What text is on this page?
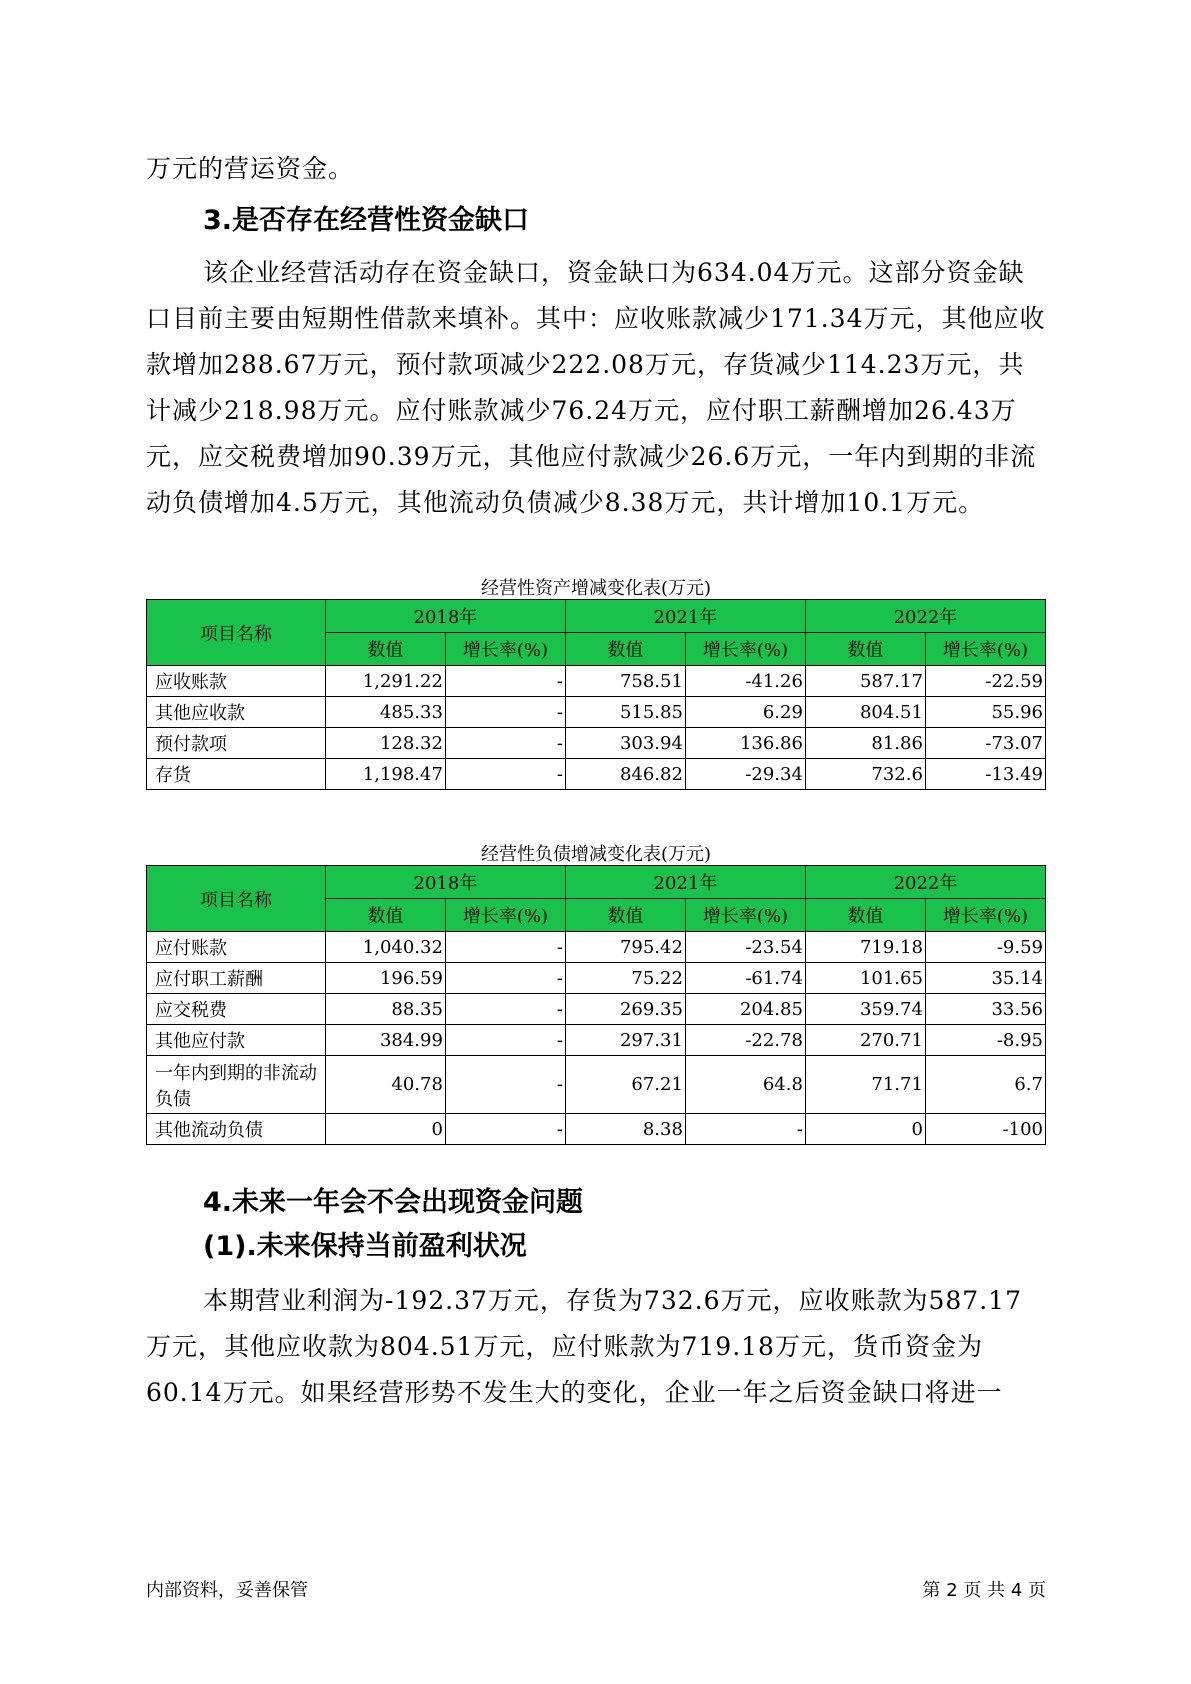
万元的营运资金。

3.是否存在经营性资金缺口

该企业经营活动存在资金缺口，资金缺口为634.04万元。这部分资金缺口目前主要由短期性借款来填补。其中：应收账款减少171.34万元，其他应收款增加288.67万元，预付款项减少222.08万元，存货减少114.23万元，共计减少218.98万元。应付账款减少76.24万元，应付职工薪酬增加26.43万元，应交税费增加90.39万元，其他应付款减少26.6万元，一年内到期的非流动负债增加4.5万元，其他流动负债减少8.38万元，共计增加10.1万元。

经营性资产增减变化表(万元)

项目名称	2018年		2021年		2022年	
	数值	增长率(%)	数值	增长率(%)	数值	增长率(%)
应收账款	1,291.22	-	758.51	-41.26	587.17	-22.59
其他应收款	485.33	-	515.85	6.29	804.51	55.96
预付款项	128.32	-	303.94	136.86	81.86	-73.07
存货	1,198.47	-	846.82	-29.34	732.6	-13.49

经营性负债增减变化表(万元)

项目名称	2018年		2021年		2022年	
	数值	增长率(%)	数值	增长率(%)	数值	增长率(%)
应付账款	1,040.32	-	795.42	-23.54	719.18	-9.59
应付职工薪酬	196.59	-	75.22	-61.74	101.65	35.14
应交税费	88.35	-	269.35	204.85	359.74	33.56
其他应付款	384.99	-	297.31	-22.78	270.71	-8.95
一年内到期的非流动负债	40.78	-	67.21	64.8	71.71	6.7
其他流动负债	0	-	8.38	-	0	-100

4.未来一年会不会出现资金问题

(1).未来保持当前盈利状况

本期营业利润为-192.37万元，存货为732.6万元，应收账款为587.17万元，其他应收款为804.51万元，应付账款为719.18万元，货币资金为60.14万元。如果经营形势不发生大的变化，企业一年之后资金缺口将进一

内部资料，妥善保管	第 2 页 共 4 页
